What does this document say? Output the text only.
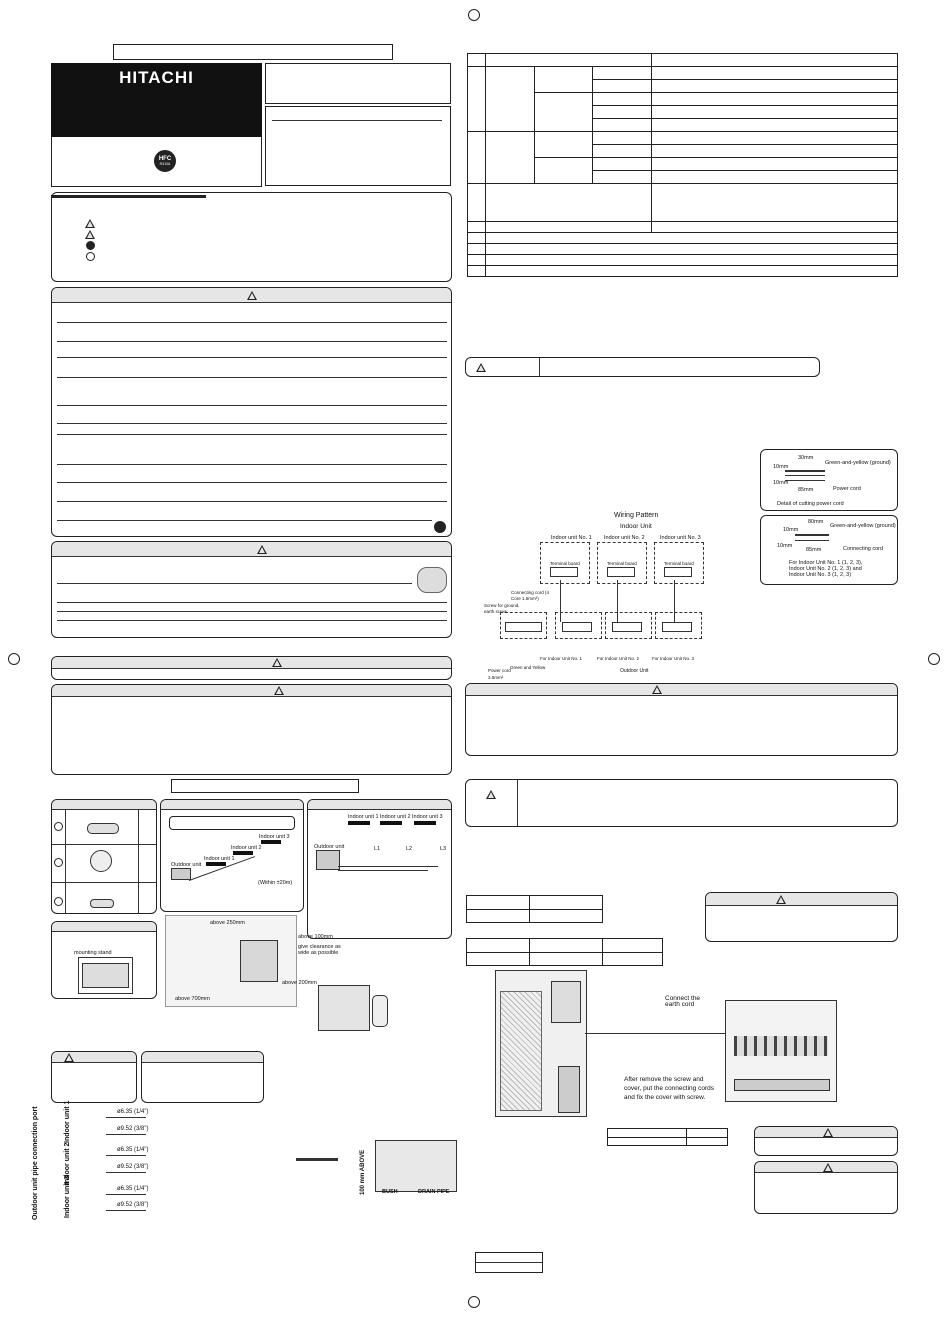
HITACHI
HFC
R410A
Outdoor unit
Indoor unit 1
Indoor unit 2
Indoor unit 3
(Within ±20m)
Indoor unit 1 Indoor unit 2 Indoor unit 3
Outdoor unit	L1	L2	L3
mounting stand
above 250mm
above 100mm
give clearance as wide as possible
above 200mm
above 700mm
Outdoor unit pipe connection port	Indoor unit 1
Indoor unit 2
Indoor unit 3
ø6.35 (1/4")
ø9.52 (3/8")
ø6.35 (1/4")
ø9.52 (3/8")
ø6.35 (1/4")
ø9.52 (3/8")
100 mm ABOVE	BUSH	DRAIN PIPE

30mm
10mm
Green-and-yellow (ground)
10mm
Power cord
85mm
Detail of cutting power cord
80mm
Green-and-yellow (ground)
10mm
10mm	Connecting cord
85mm
For Indoor Unit No. 1 (1, 2, 3),
Indoor Unit No. 2 (1, 2, 3) and
Indoor Unit No. 3 (1, 2, 3)
Wiring Pattern
Indoor Unit
Indoor unit No. 1 Indoor unit No. 2	Indoor unit No. 3
Terminal board	Terminal board	Terminal board
Connecting cord (4 Core 1.5mm²)
Screw for ground, earth screw
For Indoor Unit No. 1	For Indoor Unit No. 2	For Indoor Unit No. 3
Green and Yellow
Power cord
3.5mm²
Outdoor Unit

Connect the earth cord
After remove the screw and cover, put the connecting cords and fix the cover with screw.
